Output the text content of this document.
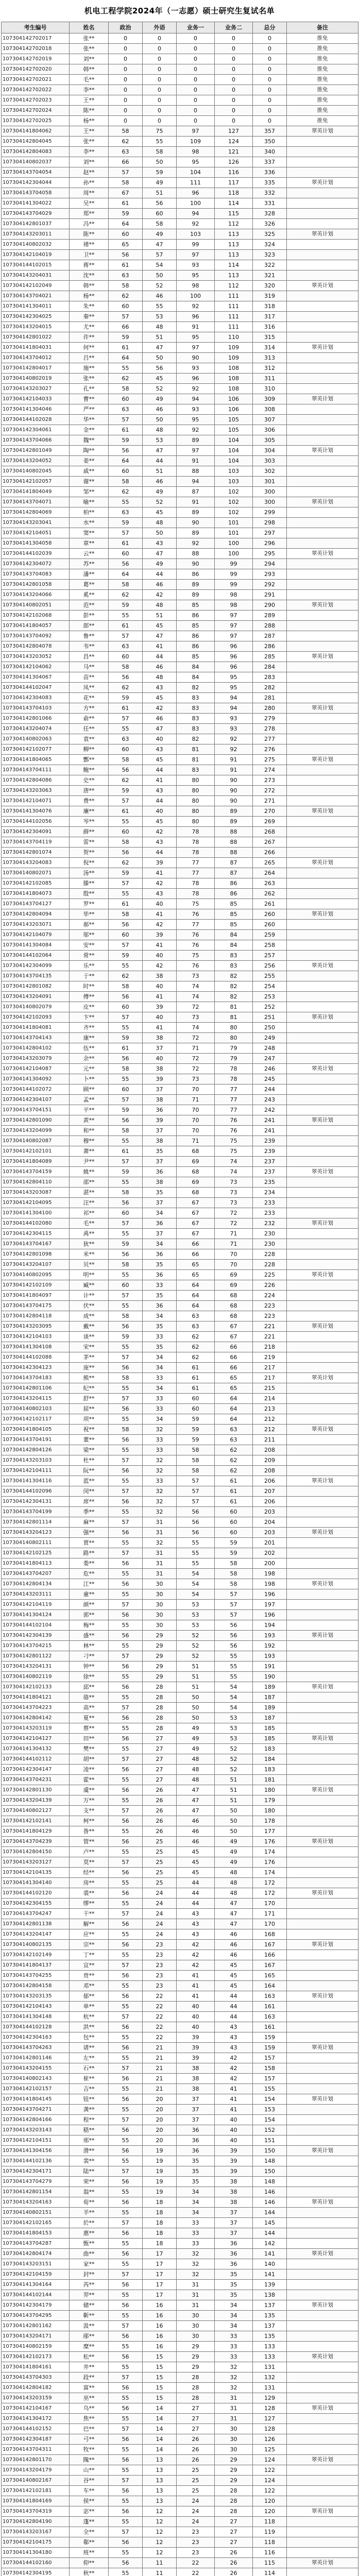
机电工程学院2024年（一志愿）硕士研究生复试名单
考生编号	姓名	政治	外语	业务一	业务二	总分	备注
107304142702017	张**	0	0	0	0	0	推免
107304142702018	张**	0	0	0	0	0	推免
107304142702019	刘**	0	0	0	0	0	推免
107304142702020	韩**	0	0	0	0	0	推免
107304142702021	毛**	0	0	0	0	0	推免
107304142702022	李**	0	0	0	0	0	推免
107304142702023	王**	0	0	0	0	0	推免
107304142702024	陈**	0	0	0	0	0	推免
107304142702025	杨**	0	0	0	0	0	推免
107304141804062	王**	58	75	97	127	357	翠英计划
107304142804045	张**	62	55	109	124	350	
107304142804083	李**	63	58	98	121	340	
107304140802037	刘**	66	50	95	126	337	
107304143704054	赵**	57	59	104	116	336	
107304142304044	孙**	58	49	111	117	335	翠英计划
107304143704058	周**	67	51	96	118	332	
107304141304022	吴**	61	56	100	114	331	
107304143704029	郑**	59	60	94	115	328	
107304142801037	冯**	64	58	92	112	326	
107304143203011	陈**	60	49	103	113	325	翠英计划
107304140802032	褚**	65	47	99	113	324	
107304142104019	卫**	56	57	97	113	323	
107304144102015	蒋**	61	54	93	114	322	
107304143204031	沈**	63	50	95	113	321	
107304142102049	韩**	58	52	98	112	320	翠英计划
107304143704021	杨**	62	46	100	111	319	
107304141304011	朱**	60	55	92	111	318	
107304142304025	秦**	57	53	96	111	317	
107304143204015	尤**	66	48	91	111	316	
107304142801022	许**	59	51	95	110	315	
107304141804031	何**	61	47	97	109	314	翠英计划
107304143704012	吕**	64	50	90	109	313	
107304142804017	施**	55	56	93	108	312	
107304140802019	张**	62	45	96	108	311	
107304143203027	孔**	58	52	92	108	310	
107304142104033	曹**	60	49	94	106	309	翠英计划
107304141304046	严**	63	46	93	106	308	
107304144102028	华**	57	50	95	105	307	
107304142304061	金**	61	48	92	105	306	
107304143704066	魏**	59	53	89	104	305	
107304142801049	陶**	56	47	97	104	304	翠英计划
107304143204052	姜**	64	44	91	104	303	
107304140802045	戚**	60	51	88	103	302	
107304142102057	谢**	58	46	94	103	301	
107304141804049	邹**	62	49	87	102	300	
107304143704071	喻**	55	52	91	102	300	翠英计划
107304142804069	柏**	63	45	89	102	299	
107304143203041	水**	59	48	90	101	298	
107304142104051	窦**	57	50	89	101	297	
107304141304058	章**	61	43	92	100	296	
107304144102039	云**	60	47	88	100	295	翠英计划
107304142304072	苏**	56	49	90	99	294	
107304143704083	潘**	64	44	86	99	293	
107304142801058	葛**	58	46	89	99	292	
107304143204066	奚**	62	42	89	98	291	
107304140802051	范**	59	48	85	98	290	翠英计划
107304142102068	彭**	55	51	86	97	289	
107304141804057	郎**	61	45	85	97	288	
107304143704092	鲁**	57	47	86	97	287	
107304142804078	韦**	63	41	86	96	286	
107304143203052	昌**	60	44	85	96	285	翠英计划
107304142104062	马**	58	46	84	96	284	
107304141304067	苗**	56	48	84	95	283	
107304144102047	凤**	62	43	82	95	282	
107304142304083	花**	59	45	83	94	281	
107304143704103	方**	61	42	83	94	280	翠英计划
107304142801066	俞**	57	46	83	93	279	
107304143204074	任**	55	47	83	93	278	
107304140802063	袁**	63	40	82	92	277	
107304142102077	柳**	60	43	81	92	276	
107304141804065	酆**	58	45	81	91	275	翠英计划
107304143704111	鲍**	56	44	83	91	274	
107304142804086	史**	62	41	80	90	273	
107304143203063	唐**	59	43	80	90	272	
107304142104071	费**	57	44	80	90	271	
107304141304076	廉**	61	40	80	89	270	翠英计划
107304144102056	岑**	55	45	80	89	269	
107304142304091	薛**	60	42	78	88	268	
107304143704119	雷**	58	43	78	88	267	
107304142801074	贺**	56	44	78	88	266	
107304143204083	倪**	62	39	77	87	265	翠英计划
107304140802071	汤**	59	41	77	87	264	
107304142102085	滕**	57	42	78	86	263	
107304141804073	殷**	55	43	78	86	262	
107304143704127	罗**	61	40	75	85	261	
107304142804094	毕**	58	41	76	85	260	翠英计划
107304143203071	郝**	56	42	77	85	260	
107304142104079	邬**	60	39	76	84	259	
107304141304084	安**	57	41	76	84	258	
107304144102064	常**	59	40	75	83	257	
107304142304099	乐**	55	42	76	83	256	翠英计划
107304143704135	于**	62	38	73	82	255	
107304142801082	时**	58	40	74	82	254	
107304143204091	傅**	56	41	74	82	253	
107304140802079	皮**	60	39	72	81	252	
107304142102093	卞**	57	40	73	81	251	翠英计划
107304141804081	齐**	55	41	74	80	250	
107304143704143	康**	59	38	72	80	249	
107304142804102	伍**	61	37	71	79	248	
107304143203079	余**	56	40	72	79	247	
107304142104087	元**	58	38	72	78	246	翠英计划
107304141304092	卜**	55	39	73	78	245	
107304144102072	顾**	60	37	70	77	244	
107304142304107	孟**	57	38	71	77	243	
107304143704151	平**	59	36	70	77	242	
107304142801090	黄**	56	39	70	76	241	翠英计划
107304143204099	和**	58	37	70	76	241	
107304140802087	穆**	55	38	71	75	239	
107304142102101	萧**	61	35	68	75	239	
107304141804089	尹**	57	37	69	74	237	
107304143704159	姚**	59	36	68	74	237	翠英计划
107304142804110	邵**	55	38	69	73	235	
107304143203087	湛**	58	35	68	73	234	
107304142104095	汪**	56	37	67	73	233	
107304141304100	祁**	60	34	67	72	233	
107304144102080	毛**	57	36	67	72	232	翠英计划
107304142304115	禹**	55	37	67	71	230	
107304143704167	狄**	59	34	66	71	230	
107304142801098	米**	56	36	66	70	228	
107304143204107	贝**	58	35	65	70	228	
107304140802095	明**	55	36	65	69	225	翠英计划
107304142102109	臧**	60	33	64	69	226	
107304141804097	计**	57	35	64	68	224	
107304143704175	伏**	55	36	64	68	223	
107304142804118	成**	58	34	63	68	223	
107304143203095	戴**	56	35	63	67	221	翠英计划
107304142104103	谈**	59	33	62	67	221	
107304141304108	宋**	55	35	62	66	218	
107304144102088	茅**	57	34	62	66	219	
107304142304123	庞**	56	34	61	66	217	
107304143704183	熊**	58	33	61	65	217	翠英计划
107304142801106	纪**	55	34	61	65	215	
107304143204115	舒**	57	33	60	64	214	
107304140802103	屈**	56	33	60	64	213	
107304142102117	项**	55	34	59	64	212	
107304141804105	祝**	58	32	59	63	212	翠英计划
107304143704191	董**	56	33	59	63	211	
107304142804126	梁**	55	33	58	62	208	
107304143203103	杜**	57	32	58	62	209	
107304142104111	阮**	56	32	58	62	208	
107304141304116	蓝**	55	33	57	61	206	翠英计划
107304144102096	闵**	57	32	57	61	207	
107304142304131	席**	56	32	57	61	206	
107304143704199	季**	55	32	56	60	203	
107304142801114	麻**	57	31	56	60	204	
107304143204123	强**	56	31	56	60	203	翠英计划
107304140802111	贾**	55	32	55	59	201	
107304142102125	路**	57	31	55	59	202	
107304141804113	娄**	56	31	55	58	200	
107304143704207	危**	55	31	54	58	198	
107304142804134	江**	56	30	54	58	198	翠英计划
107304143203111	童**	55	30	54	57	196	
107304142104119	颜**	57	30	53	57	197	
107304141304124	郭**	56	30	53	57	196	
107304144102104	梅**	55	30	53	56	194	
107304142304139	盛**	56	29	52	56	193	翠英计划
107304143704215	林**	55	29	52	56	192	
107304142801122	刁**	57	29	52	55	193	
107304143204131	钟**	56	29	51	55	191	
107304140802119	徐**	55	29	51	55	190	
107304142102133	邱**	56	28	51	54	189	翠英计划
107304141804121	骆**	55	28	50	54	187	
107304143704223	高**	57	28	50	54	189	
107304142804142	夏**	56	28	50	53	187	
107304143203119	蔡**	55	28	49	53	185	
107304142104127	田**	56	27	49	53	185	翠英计划
107304141304132	樊**	55	27	49	52	183	
107304144102112	胡**	57	27	48	52	184	
107304142304147	凌**	56	27	48	52	183	
107304143704231	霍**	55	27	48	51	181	
107304142801130	虞**	56	26	47	51	180	翠英计划
107304143204139	万**	55	26	47	51	179	
107304140802127	支**	57	26	47	50	180	
107304142102141	柯**	56	26	46	50	178	
107304141804129	昝**	55	26	46	50	177	
107304143704239	管**	56	25	46	49	176	翠英计划
107304142804150	卢**	55	25	45	49	174	
107304143203127	莫**	57	25	45	49	176	
107304142104135	经**	56	25	45	48	174	
107304141304140	房**	55	25	44	48	172	
107304144102120	裘**	56	24	44	48	172	翠英计划
107304142304155	缪**	55	24	44	47	170	
107304143704247	干**	57	24	43	47	171	
107304142801138	解**	56	24	43	47	170	
107304143204147	应**	55	24	43	46	168	
107304140802135	宗**	56	23	42	46	167	翠英计划
107304142102149	丁**	55	23	42	46	166	
107304141804137	宣**	57	23	42	45	167	
107304143704255	贲**	56	23	41	45	165	
107304142804158	邓**	55	23	41	45	164	
107304143203135	郁**	56	22	41	44	163	翠英计划
107304142104143	单**	55	22	40	44	161	
107304141304148	杭**	57	22	40	44	163	
107304144102128	洪**	56	22	40	43	161	
107304142304163	包**	55	22	39	43	159	
107304143704263	诸**	56	21	39	43	159	翠英计划
107304142801146	左**	55	21	39	42	157	
107304143204155	石**	57	21	38	42	158	
107304140802143	崔**	56	21	38	42	157	
107304142102157	吉**	55	21	38	41	155	
107304141804145	钮**	56	20	37	41	154	翠英计划
107304143704271	龚**	55	20	37	41	153	
107304142804166	程**	57	20	37	40	154	
107304143203143	嵇**	56	20	36	40	152	
107304142104151	邢**	55	20	36	40	151	
107304141304156	滑**	56	19	36	39	150	翠英计划
107304144102136	裴**	55	19	35	39	148	
107304142304171	陆**	57	19	35	39	150	
107304143704279	荣**	56	19	35	38	148	
107304142801154	翁**	55	19	34	38	146	
107304143204163	荀**	56	18	34	38	146	翠英计划
107304140802151	羊**	55	18	34	37	144	
107304142102165	於**	57	18	33	37	145	
107304141804153	惠**	56	18	33	37	144	
107304143704287	甄**	55	18	33	36	142	
107304142804174	曲**	56	17	32	36	141	翠英计划
107304143203151	家**	55	17	32	36	140	
107304142104159	封**	57	17	32	35	141	
107304141304164	芮**	56	17	31	35	139	
107304144102144	羿**	55	17	31	35	138	
107304142304179	储**	56	16	31	34	137	翠英计划
107304143704295	靳**	55	16	30	34	135	
107304142801162	汲**	57	16	30	34	137	
107304143204171	邴**	56	16	30	33	135	
107304140802159	糜**	55	16	29	33	133	
107304142102173	松**	56	15	29	33	133	翠英计划
107304141804161	井**	55	15	29	32	131	
107304143704303	段**	57	15	28	32	132	
107304142804182	富**	56	15	28	32	131	
107304143203159	巫**	55	15	28	31	129	
107304142104167	乌**	56	14	27	31	128	翠英计划
107304141304172	焦**	55	14	27	31	127	
107304144102152	巴**	57	14	27	30	128	
107304142304187	弓**	56	14	26	30	126	
107304143704311	牧**	55	14	26	30	125	
107304142801170	隗**	56	13	26	29	124	翠英计划
107304143204179	山**	55	13	25	29	122	
107304140802167	谷**	57	13	25	29	124	
107304142102181	车**	56	13	25	28	122	
107304141804169	侯**	55	13	24	28	120	
107304143704319	宓**	56	12	24	28	120	翠英计划
107304142804190	蓬**	55	12	24	27	118	
107304143203167	全**	57	12	23	27	119	
107304142104175	郗**	56	12	23	27	118	
107304141304180	班**	55	12	23	26	116	
107304144102160	仰**	56	11	22	26	115	翠英计划
107304142304195	秋**	55	11	22	26	114	
